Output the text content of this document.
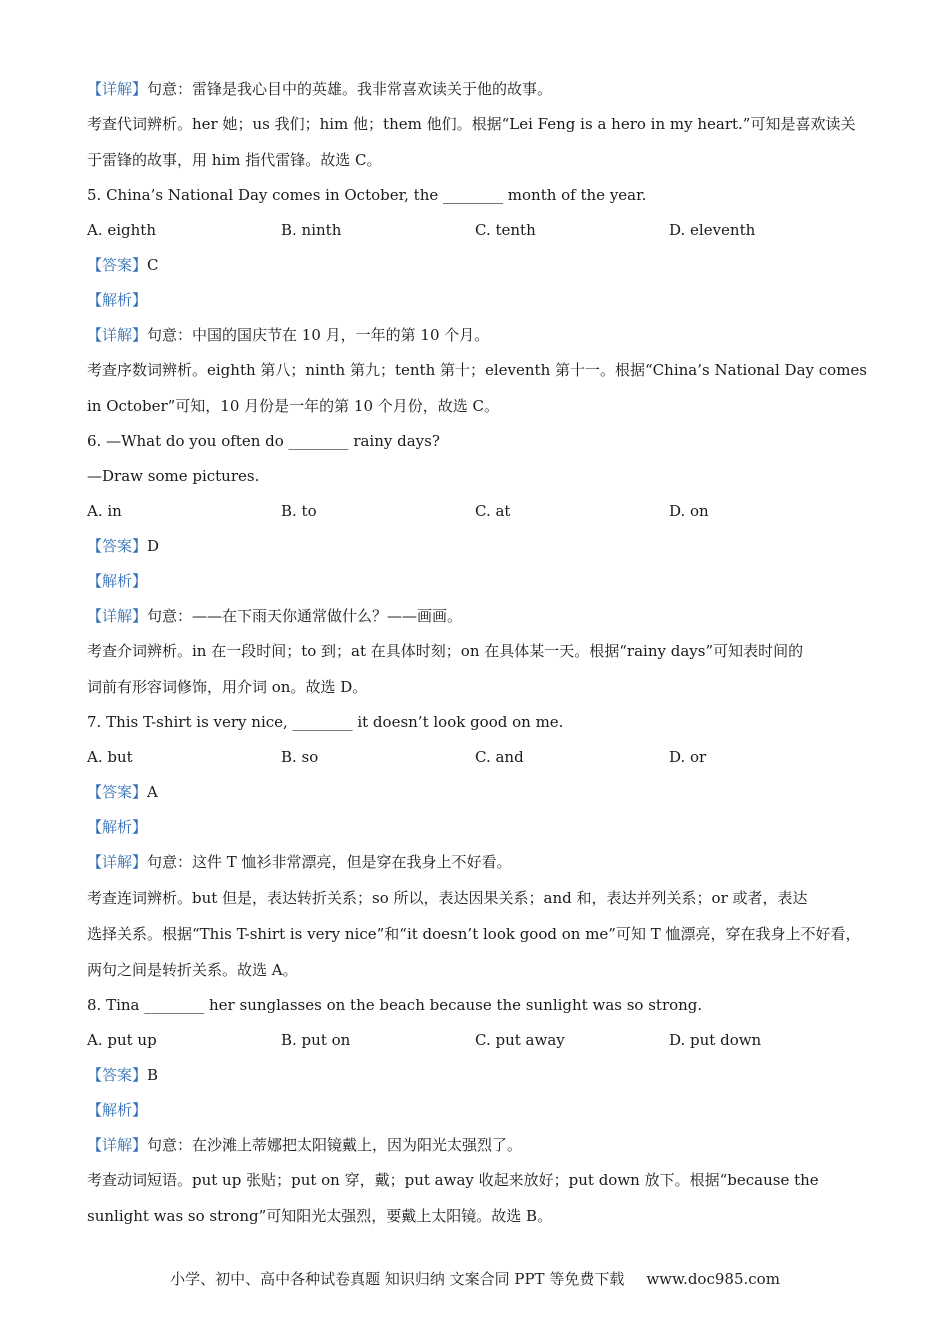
【详解】句意：雷锋是我心目中的英雄。我非常喜欢读关于他的故事。
考查代词辨析。her 她；us 我们；him 他；them 他们。根据“Lei Feng is a hero in my heart.”可知是喜欢读关
于雷锋的故事，用 him 指代雷锋。故选 C。
5. China’s National Day comes in October, the ________ month of the year.
A. eighth	B. ninth	C. tenth	D. eleventh
【答案】C
【解析】
【详解】句意：中国的国庆节在 10 月，一年的第 10 个月。
考查序数词辨析。eighth 第八；ninth 第九；tenth 第十；eleventh 第十一。根据“China’s National Day comes
in October”可知，10 月份是一年的第 10 个月份，故选 C。
6. —What do you often do ________ rainy days?
—Draw some pictures.
A. in	B. to	C. at	D. on
【答案】D
【解析】
【详解】句意：——在下雨天你通常做什么？——画画。
考查介词辨析。in 在一段时间；to 到；at 在具体时刻；on 在具体某一天。根据“rainy days”可知表时间的
词前有形容词修饰，用介词 on。故选 D。
7. This T-shirt is very nice, ________ it doesn’t look good on me.
A. but	B. so	C. and	D. or
【答案】A
【解析】
【详解】句意：这件 T 恤衫非常漂亮，但是穿在我身上不好看。
考查连词辨析。but 但是，表达转折关系；so 所以，表达因果关系；and 和，表达并列关系；or 或者，表达
选择关系。根据“This T-shirt is very nice”和“it doesn’t look good on me”可知 T 恤漂亮，穿在我身上不好看，
两句之间是转折关系。故选 A。
8. Tina ________ her sunglasses on the beach because the sunlight was so strong.
A. put up	B. put on	C. put away	D. put down
【答案】B
【解析】
【详解】句意：在沙滩上蒂娜把太阳镜戴上，因为阳光太强烈了。
考查动词短语。put up 张贴；put on 穿，戴；put away 收起来放好；put down 放下。根据“because the
sunlight was so strong”可知阳光太强烈，要戴上太阳镜。故选 B。
小学、初中、高中各种试卷真题 知识归纳 文案合同 PPT 等免费下载 www.doc985.com
